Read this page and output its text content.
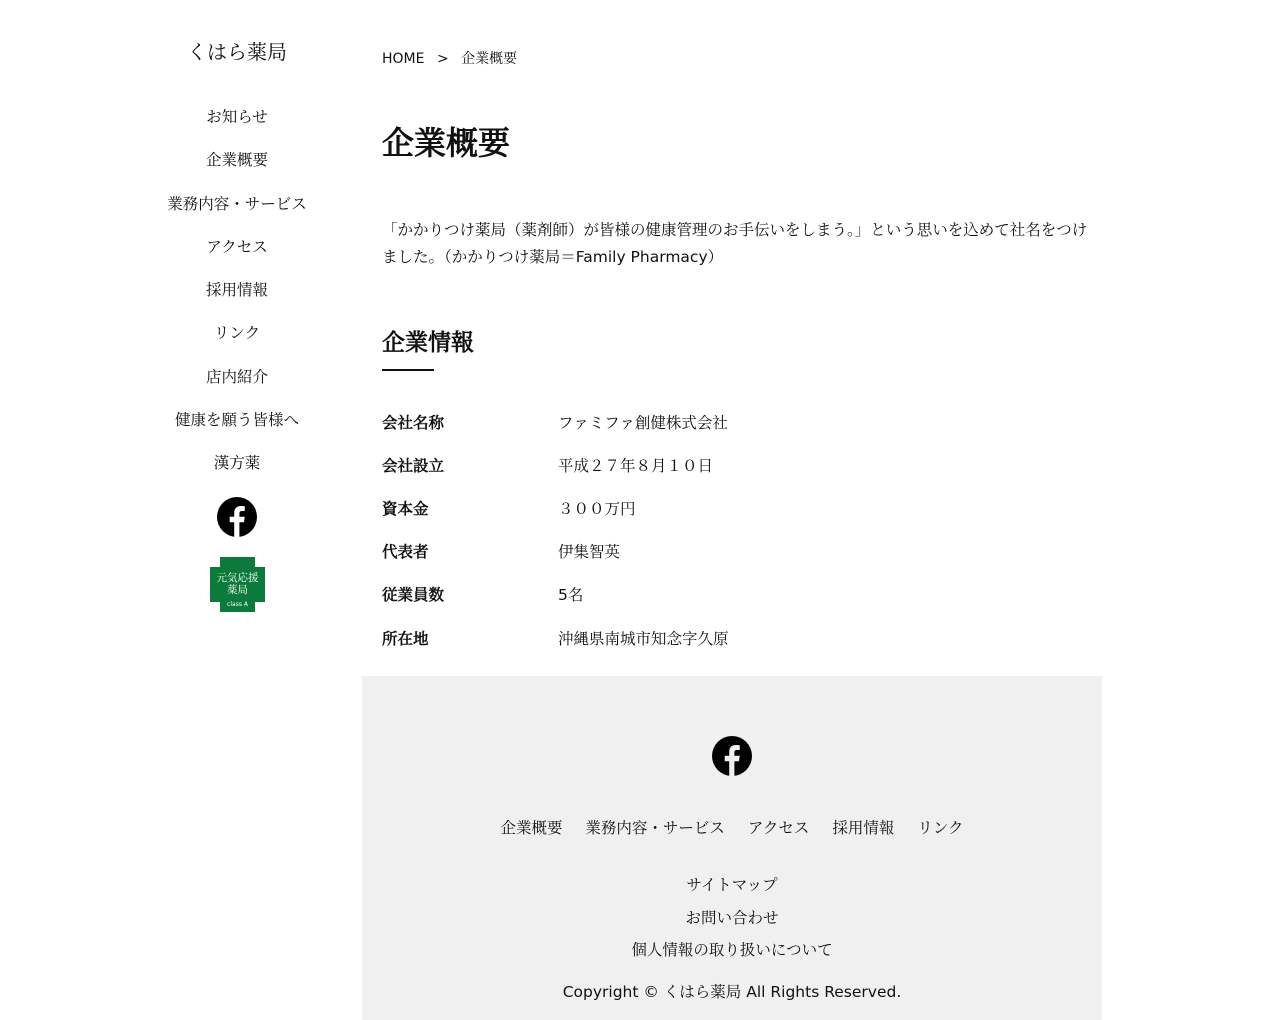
くはら薬局
お知らせ
企業概要
業務内容・サービス
アクセス
採用情報
リンク
店内紹介
健康を願う皆様へ
漢方薬
元気応援
薬局
class A
HOME > 企業概要
企業概要

「かかりつけ薬局（薬剤師）が皆様の健康管理のお手伝いをしまう。」という思いを込めて社名をつけました。（かかりつけ薬局＝Family Pharmacy）

企業情報
会社名称	ファミファ創健株式会社
会社設立	平成２７年８月１０日
資本金	３００万円
代表者	伊集智英
従業員数	5名
所在地	沖縄県南城市知念字久原
企業概要 業務内容・サービス アクセス 採用情報 リンク
サイトマップ
お問い合わせ
個人情報の取り扱いについて
Copyright © くはら薬局 All Rights Reserved.
